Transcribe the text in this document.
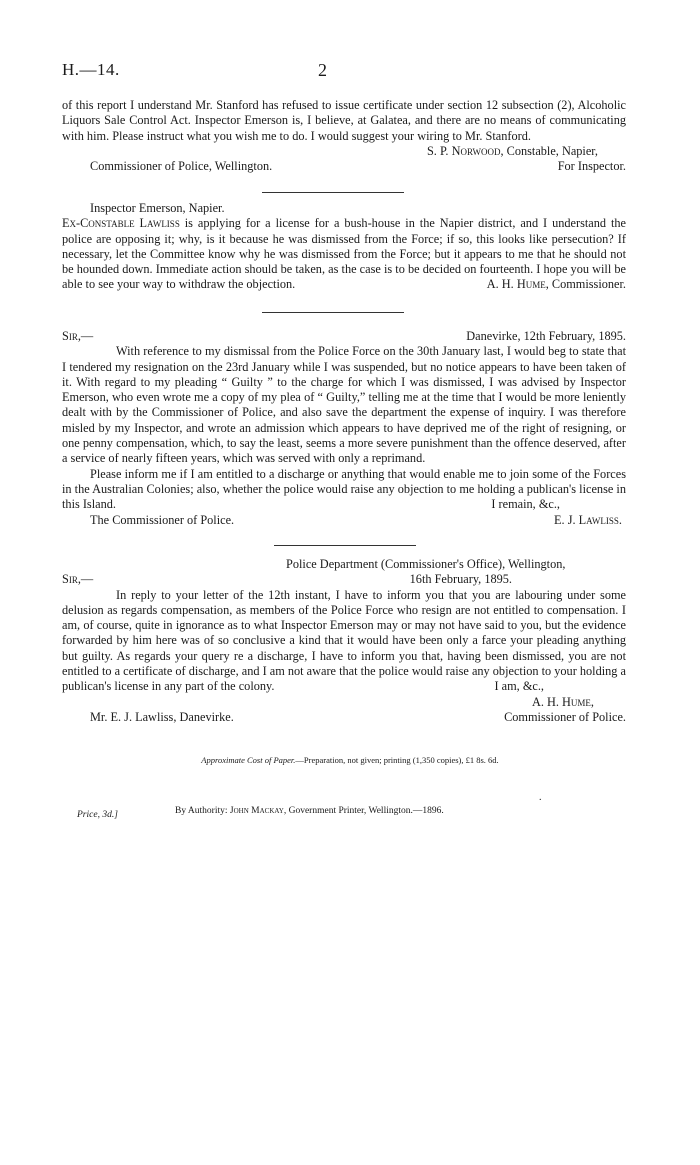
H.—14.	2

of this report I understand Mr. Stanford has refused to issue certificate under section 12 subsection (2), Alcoholic Liquors Sale Control Act. Inspector Emerson is, I believe, at Galatea, and there are no means of communicating with him. Please instruct what you wish me to do. I would suggest your wiring to Mr. Stanford.

S. P. Norwood, Constable, Napier,
Commissioner of Police, Wellington.	For Inspector.
Inspector Emerson, Napier.

Ex-Constable Lawliss is applying for a license for a bush-house in the Napier district, and I understand the police are opposing it; why, is it because he was dismissed from the Force; if so, this looks like persecution? If necessary, let the Committee know why he was dismissed from the Force; but it appears to me that he should not be hounded down. Immediate action should be taken, as the case is to be decided on fourteenth. I hope you will be able to see your way to withdraw the objection.	A. H. Hume, Commissioner.
Sir,—	Danevirke, 12th February, 1895.

With reference to my dismissal from the Police Force on the 30th January last, I would beg to state that I tendered my resignation on the 23rd January while I was suspended, but no notice appears to have been taken of it. With regard to my pleading “ Guilty ” to the charge for which I was dismissed, I was advised by Inspector Emerson, who even wrote me a copy of my plea of “ Guilty,” telling me at the time that I would be more leniently dealt with by the Commissioner of Police, and also save the department the expense of inquiry. I was therefore misled by my Inspector, and wrote an admission which appears to have deprived me of the right of resigning, or one penny compensation, which, to say the least, seems a more severe punishment than the offence deserved, after a service of nearly fifteen years, which was served with only a reprimand.

Please inform me if I am entitled to a discharge or anything that would enable me to join some of the Forces in the Australian Colonies; also, whether the police would raise any objection to me holding a publican's license in this Island.	I remain, &c.,
The Commissioner of Police.	E. J. Lawliss.
Police Department (Commissioner's Office), Wellington,
Sir,—	16th February, 1895.

In reply to your letter of the 12th instant, I have to inform you that you are labouring under some delusion as regards compensation, as members of the Police Force who resign are not entitled to compensation. I am, of course, quite in ignorance as to what Inspector Emerson may or may not have said to you, but the evidence forwarded by him here was of so conclusive a kind that it would have been only a farce your pleading anything but guilty. As regards your query re a discharge, I have to inform you that, having been dismissed, you are not entitled to a certificate of discharge, and I am not aware that the police would raise any objection to your holding a publican's license in any part of the colony.	I am, &c.,
A. H. Hume,
Mr. E. J. Lawliss, Danevirke.	Commissioner of Police.
Approximate Cost of Paper.—Preparation, not given; printing (1,350 copies), £1 8s. 6d.
.
Price, 3d.]	By Authority: John Mackay, Government Printer, Wellington.—1896.
